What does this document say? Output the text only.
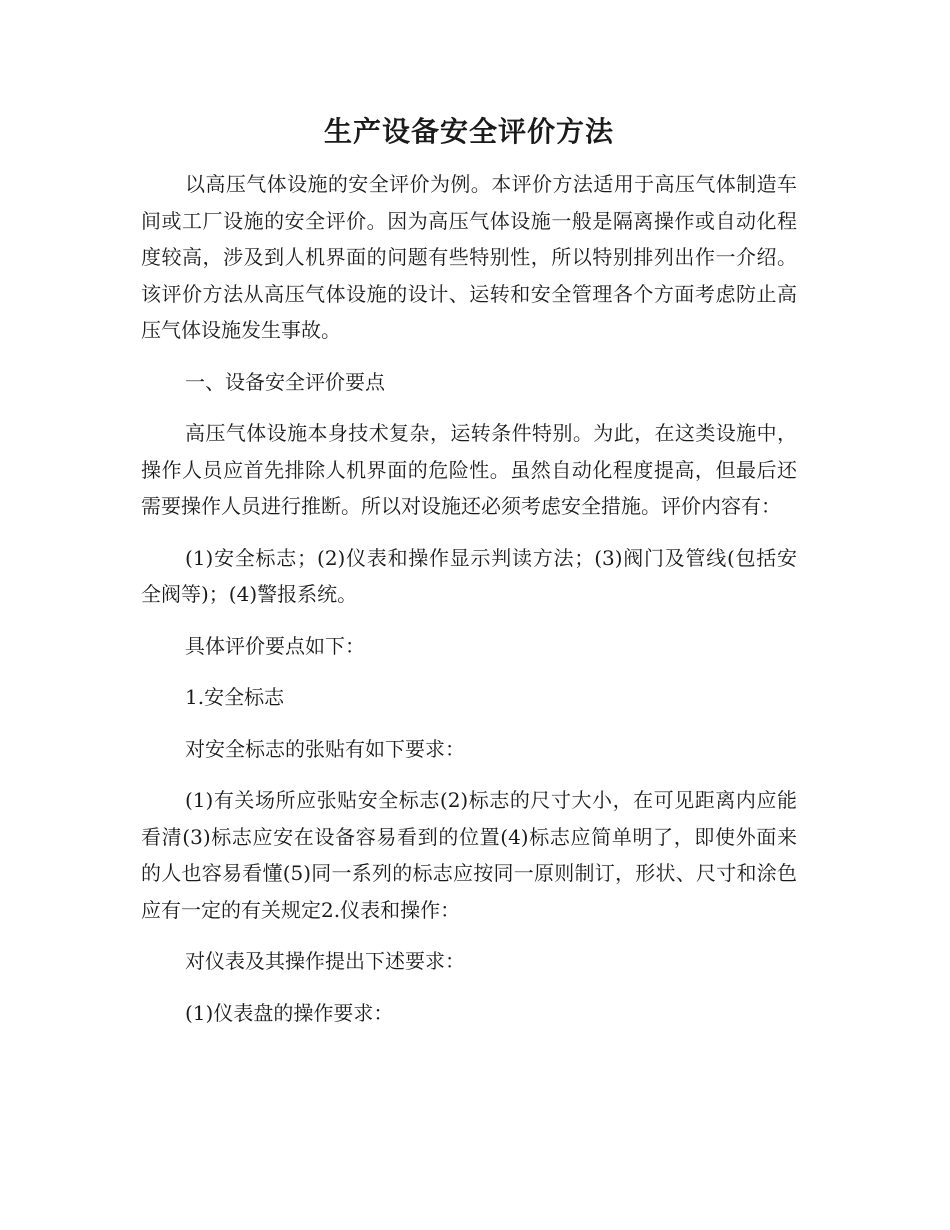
生产设备安全评价方法

以高压气体设施的安全评价为例。本评价方法适用于高压气体制造车间或工厂设施的安全评价。因为高压气体设施一般是隔离操作或自动化程度较高，涉及到人机界面的问题有些特别性，所以特别排列出作一介绍。该评价方法从高压气体设施的设计、运转和安全管理各个方面考虑防止高压气体设施发生事故。

一、设备安全评价要点

高压气体设施本身技术复杂，运转条件特别。为此，在这类设施中，操作人员应首先排除人机界面的危险性。虽然自动化程度提高，但最后还需要操作人员进行推断。所以对设施还必须考虑安全措施。评价内容有：

(1)安全标志；(2)仪表和操作显示判读方法；(3)阀门及管线(包括安全阀等)；(4)警报系统。

具体评价要点如下：

1.安全标志

对安全标志的张贴有如下要求：

(1)有关场所应张贴安全标志(2)标志的尺寸大小，在可见距离内应能看清(3)标志应安在设备容易看到的位置(4)标志应简单明了，即使外面来的人也容易看懂(5)同一系列的标志应按同一原则制订，形状、尺寸和涂色应有一定的有关规定2.仪表和操作：

对仪表及其操作提出下述要求：

(1)仪表盘的操作要求：
